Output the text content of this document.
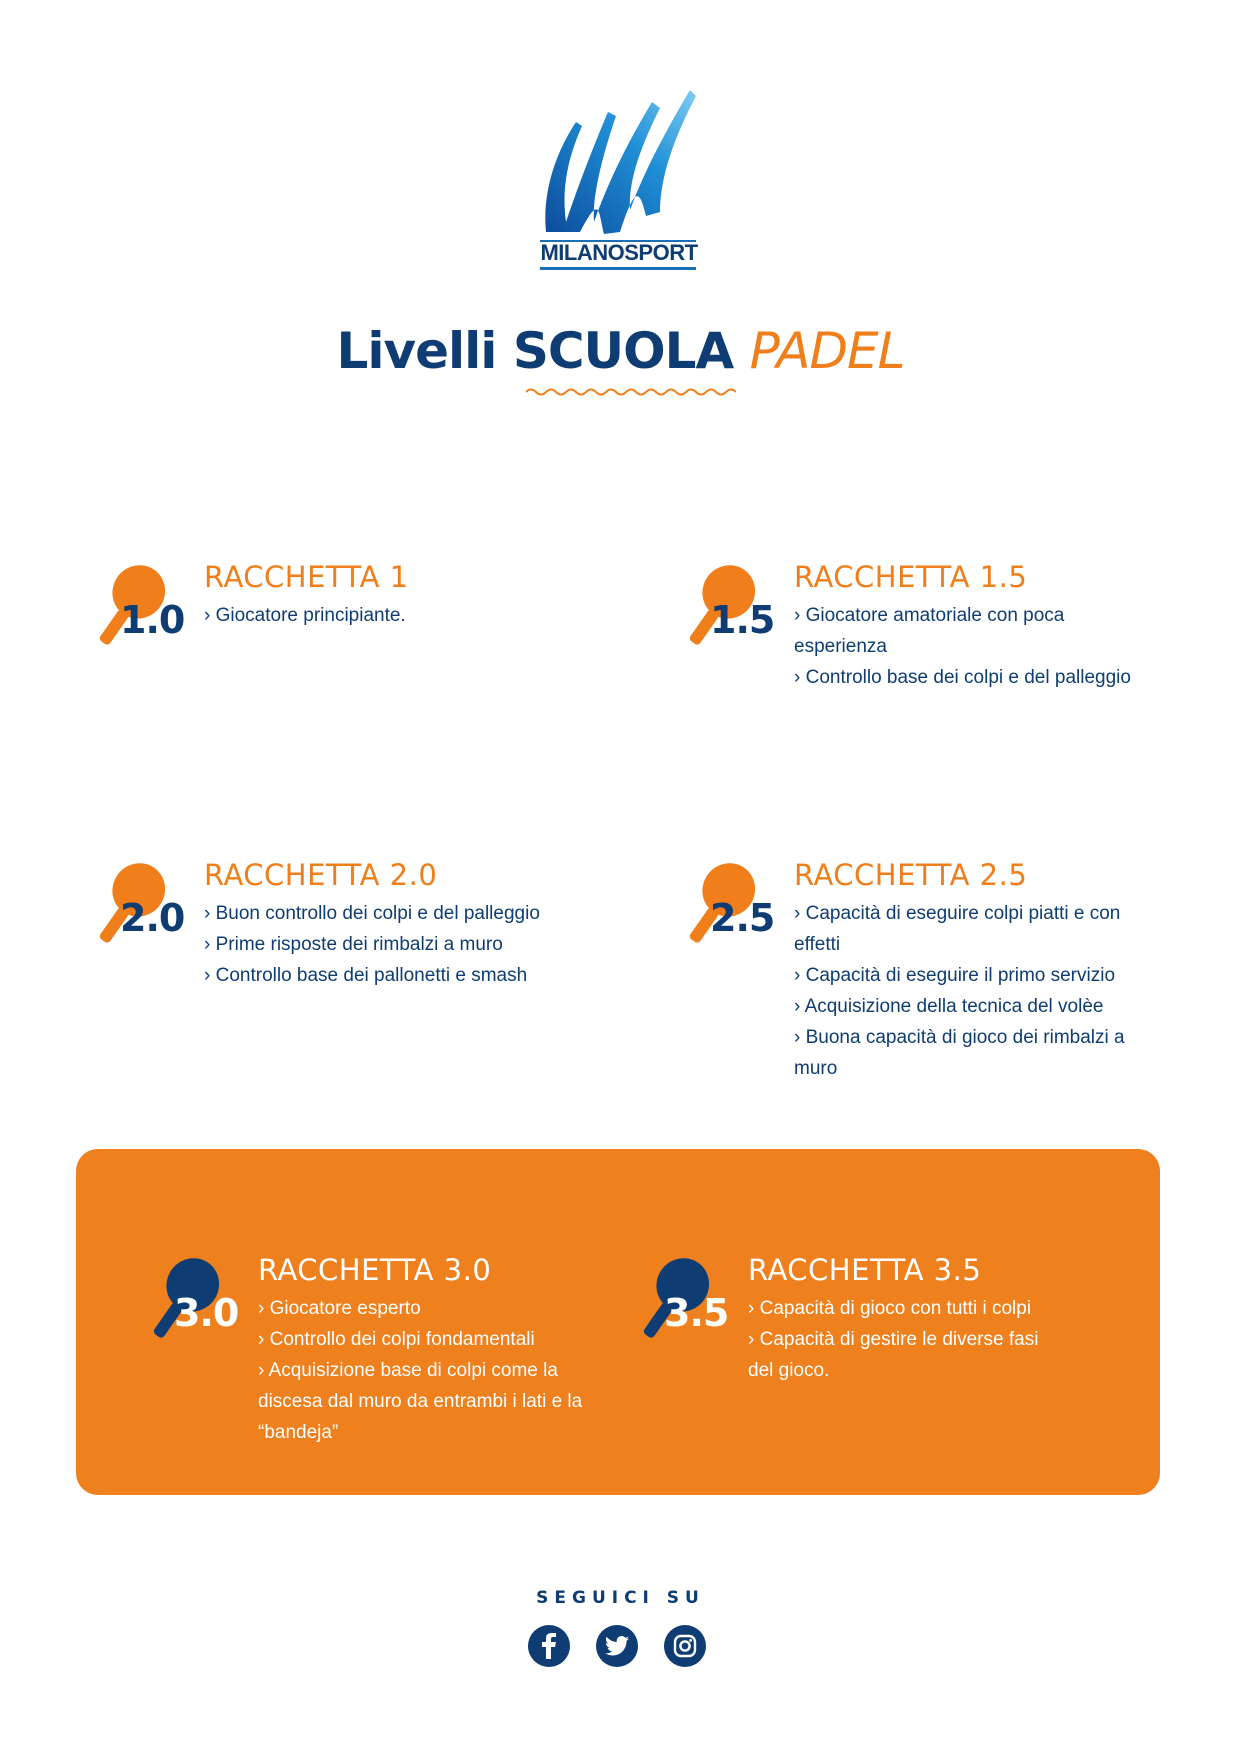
MILANOSPORT
Livelli SCUOLA PADEL
1.0
RACCHETTA 1
› Giocatore principiante.	1.5
RACCHETTA 1.5
› Giocatore amatoriale con poca esperienza
› Controllo base dei colpi e del palleggio
2.0
RACCHETTA 2.0
› Buon controllo dei colpi e del palleggio
› Prime risposte dei rimbalzi a muro
› Controllo base dei pallonetti e smash
2.5
RACCHETTA 2.5
› Capacità di eseguire colpi piatti e con effetti
› Capacità di eseguire il primo servizio
› Acquisizione della tecnica del volèe
› Buona capacità di gioco dei rimbalzi a muro
3.0
RACCHETTA 3.0
› Giocatore esperto
› Controllo dei colpi fondamentali
› Acquisizione base di colpi come la discesa dal muro da entrambi i lati e la “bandeja”
3.5
RACCHETTA 3.5
› Capacità di gioco con tutti i colpi
› Capacità di gestire le diverse fasi del gioco.
SEGUICI SU
